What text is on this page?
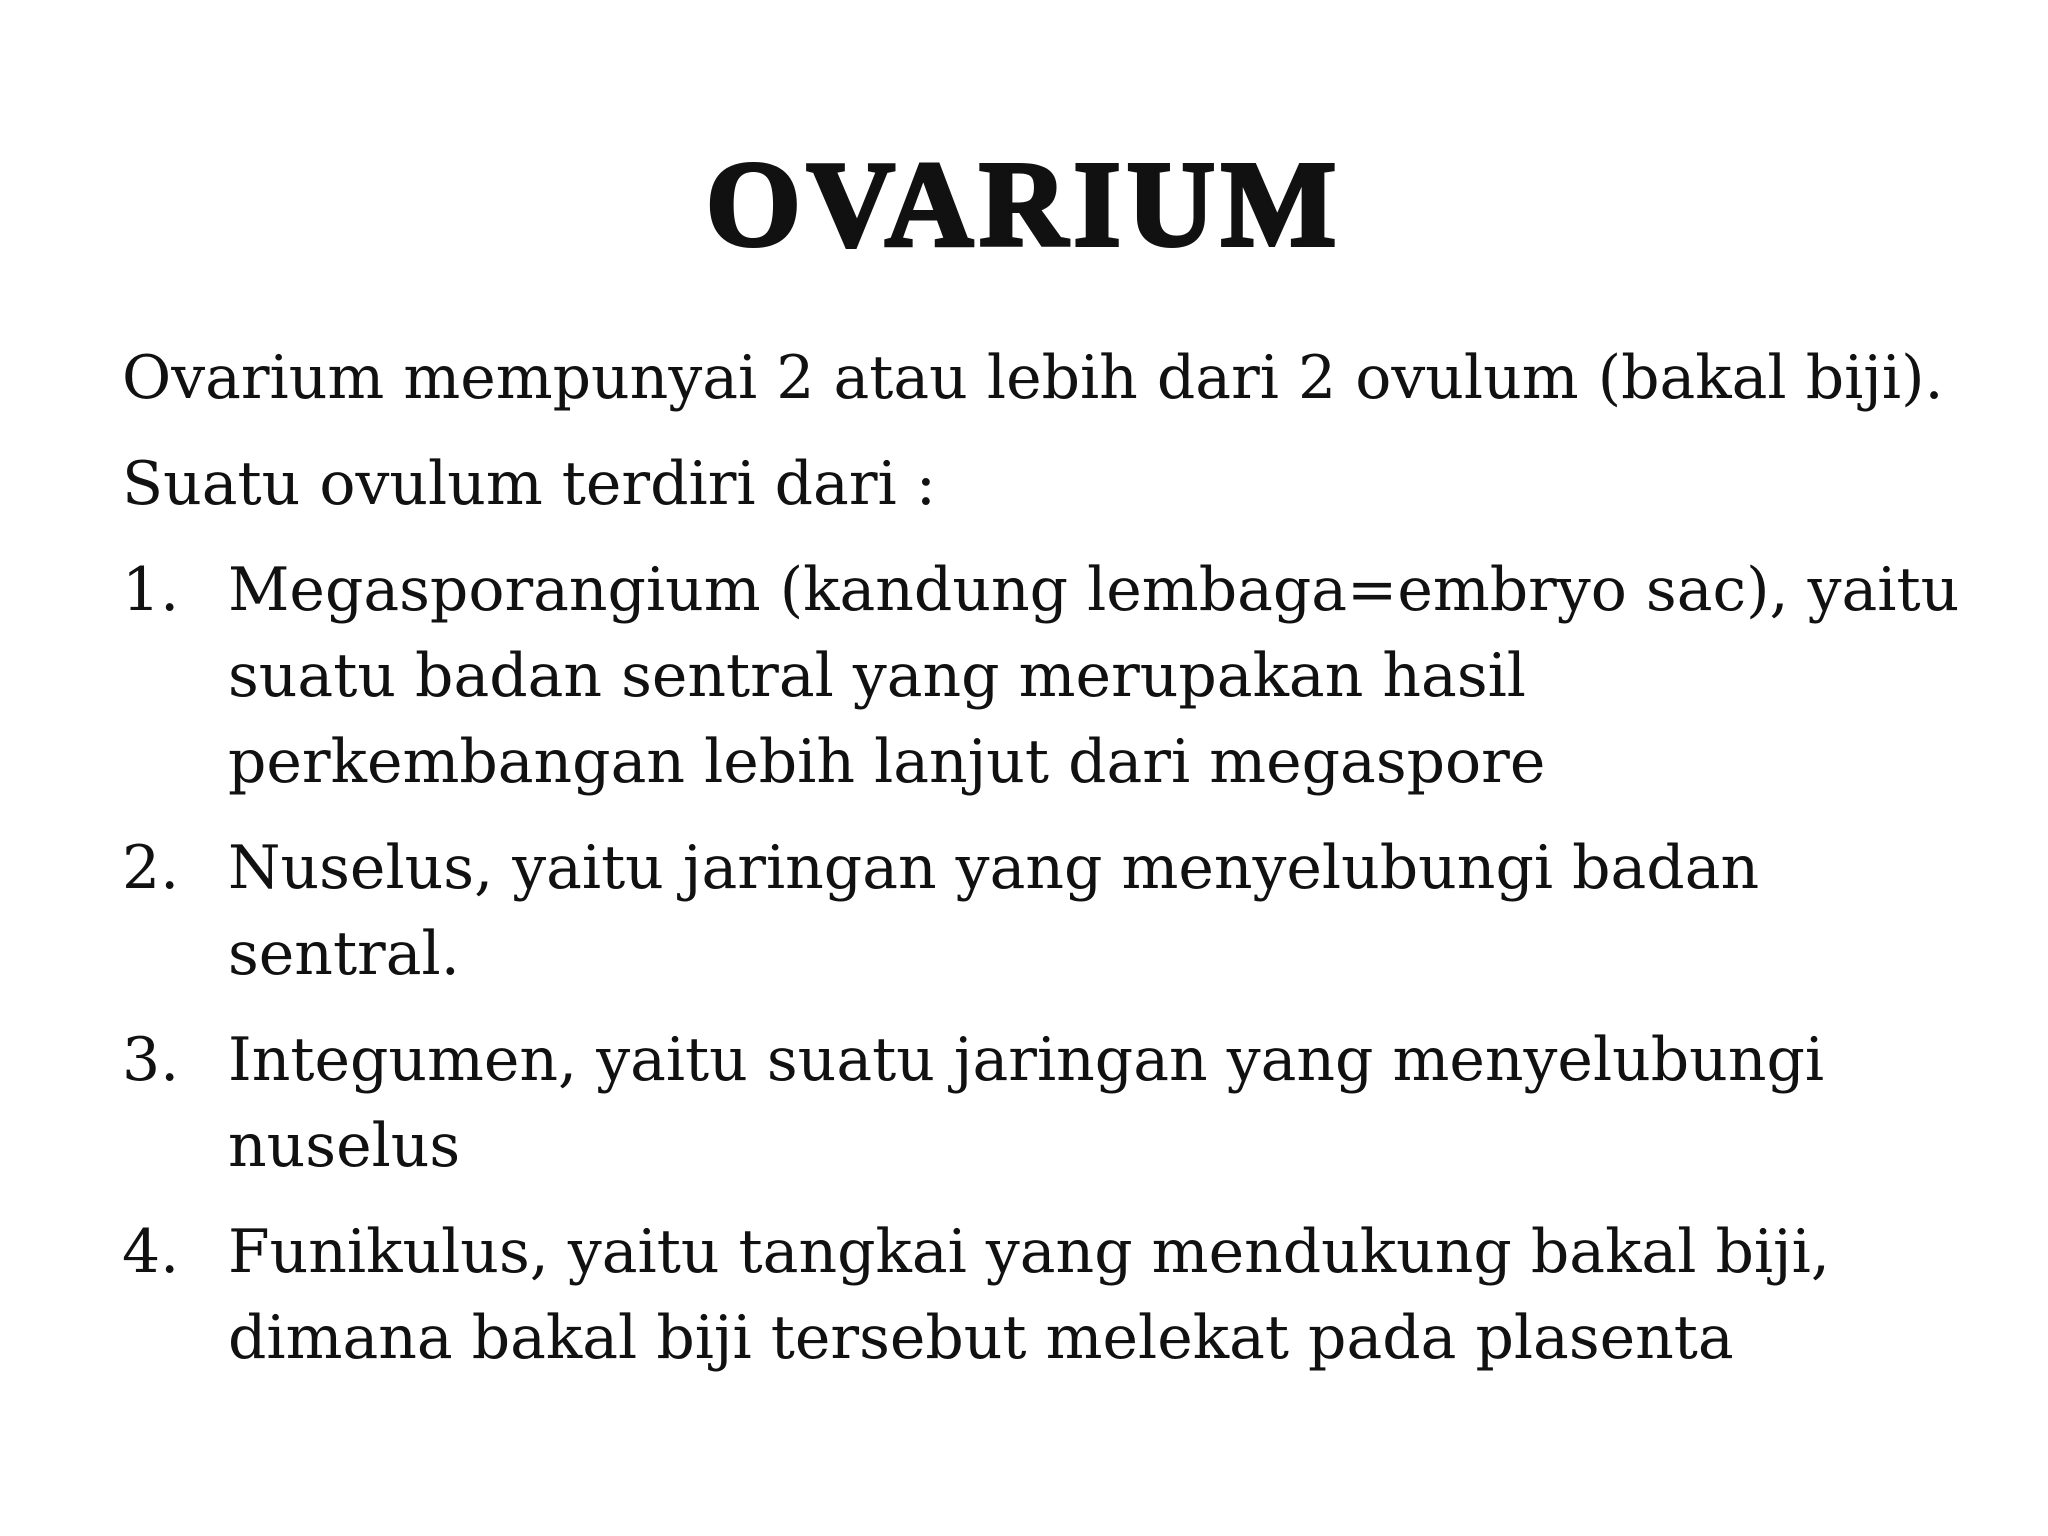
OVARIUM

Ovarium mempunyai 2 atau lebih dari 2 ovulum (bakal biji).

Suatu ovulum terdiri dari :

1. Megasporangium (kandung lembaga=embryo sac), yaitu
suatu badan sentral yang merupakan hasil
perkembangan lebih lanjut dari megaspore
2. Nuselus, yaitu jaringan yang menyelubungi badan
sentral.
3. Integumen, yaitu suatu jaringan yang menyelubungi
nuselus
4. Funikulus, yaitu tangkai yang mendukung bakal biji,
dimana bakal biji tersebut melekat pada plasenta
